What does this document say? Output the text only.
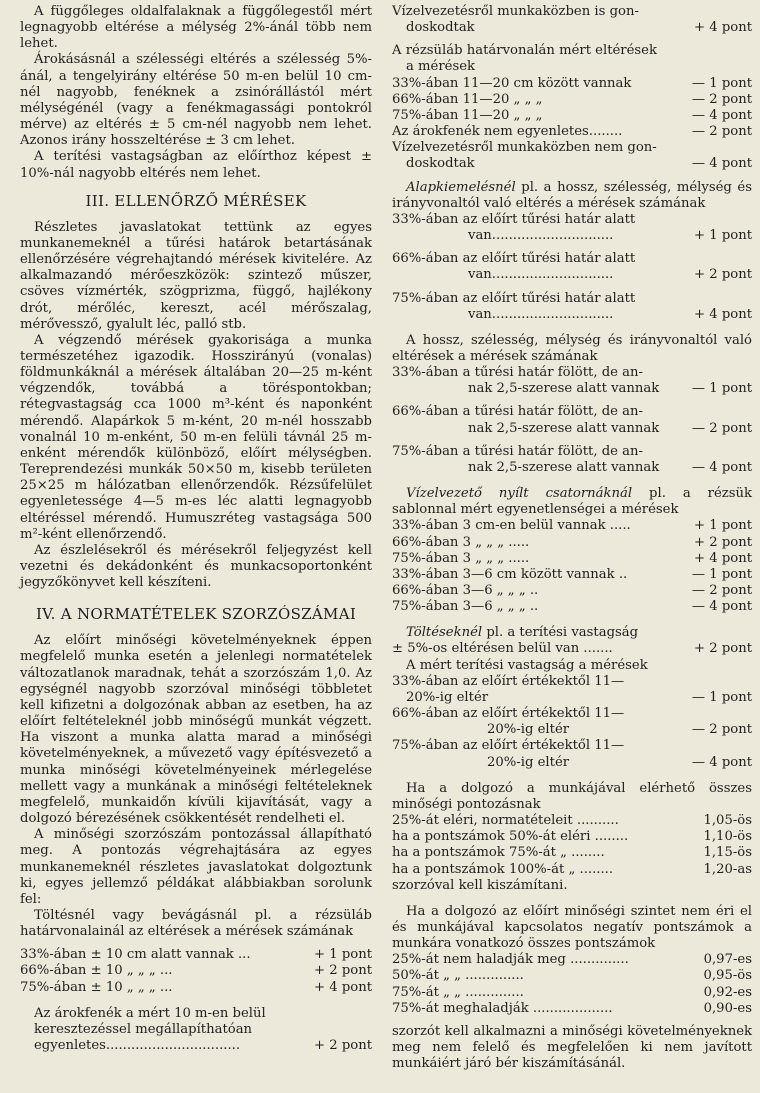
A függőleges oldalfalaknak a függőlegestől mért legnagyobb eltérése a mélység 2%-ánál több nem lehet.

Árokásásnál a szélességi eltérés a szélesség 5%-ánál, a tengelyirány eltérése 50 m-en belül 10 cm-nél nagyobb, fenéknek a zsinórállástól mért mélységénél (vagy a fenékmagassági pontokról mérve) az eltérés ± 5 cm-nél nagyobb nem lehet. Azonos irány hosszeltérése ± 3 cm lehet.

A terítési vastagságban az előírthoz képest ± 10%-nál nagyobb eltérés nem lehet.

III. ELLENŐRZŐ MÉRÉSEK

Részletes javaslatokat tettünk az egyes munkanemeknél a tűrési határok betartásának ellenőrzésére végrehajtandó mérések kivitelére. Az alkalmazandó mérőeszközök: szintező műszer, csöves vízmérték, szögprizma, függő, hajlékony drót, mérőléc, kereszt, acél mérőszalag, mérővessző, gyalult léc, palló stb.

A végzendő mérések gyakorisága a munka természetéhez igazodik. Hosszirányú (vonalas) földmunkáknál a mérések általában 20—25 m-ként végzendők, továbbá a töréspontokban; rétegvastagság cca 1000 m³-ként és naponként mérendő. Alapárkok 5 m-ként, 20 m-nél hosszabb vonalnál 10 m-enként, 50 m-en felüli távnál 25 m-enként mérendők különböző, előírt mélységben. Tereprendezési munkák 50×50 m, kisebb területen 25×25 m hálózatban ellenőrzendők. Rézsűfelület egyenletessége 4—5 m-es léc alatti legnagyobb eltéréssel mérendő. Humuszréteg vastagsága 500 m²-ként ellenőrzendő.

Az észlelésekről és mérésekről feljegyzést kell vezetni és dekádonként és munkacsoportonként jegyzőkönyvet kell készíteni.

IV. A NORMATÉTELEK SZORZÓSZÁMAI

Az előírt minőségi követelményeknek éppen megfelelő munka esetén a jelenlegi normatételek változatlanok maradnak, tehát a szorzószám 1,0. Az egységnél nagyobb szorzóval minőségi többletet kell kifizetni a dolgozónak abban az esetben, ha az előírt feltételeknél jobb minőségű munkát végzett. Ha viszont a munka alatta marad a minőségi követelményeknek, a művezető vagy építésvezető a munka minőségi követelményeinek mérlegelése mellett vagy a munkának a minőségi feltételeknek megfelelő, munkaidőn kívüli kijavítását, vagy a dolgozó bérezésének csökkentését rendelheti el.

A minőségi szorzószám pontozással állapítható meg. A pontozás végrehajtására az egyes munkanemeknél részletes javaslatokat dolgoztunk ki, egyes jellemző példákat alábbiakban sorolunk fel:

Töltésnél vagy bevágásnál pl. a rézsüláb határvonalainál az eltérések a mérések számának

33%-ában ± 10 cm alatt vannak ...	+ 1 pont
66%-ában ± 10 „ „ „ ...	+ 2 pont
75%-ában ± 10 „ „ „ ...	+ 4 pont
Az árokfenék a mért 10 m-en belül
keresztezéssel megállapíthatóan
egyenletes................................	+ 2 pont
Vízelvezetésről munkaközben is gon-
doskodtak	+ 4 pont
A rézsüláb határvonalán mért eltérések
a mérések
33%-ában 11—20 cm között vannak	— 1 pont
66%-ában 11—20 „ „ „	— 2 pont
75%-ában 11—20 „ „ „	— 4 pont
Az árokfenék nem egyenletes........	— 2 pont
Vízelvezetésről munkaközben nem gon-
doskodtak	— 4 pont

Alapkiemelésnél pl. a hossz, szélesség, mélység és irányvonaltól való eltérés a mérések számának

33%-ában az előírt tűrési határ alatt
van.............................	+ 1 pont
66%-ában az előírt tűrési határ alatt
van.............................	+ 2 pont
75%-ában az előírt tűrési határ alatt
van.............................	+ 4 pont

A hossz, szélesség, mélység és irányvonaltól való eltérések a mérések számának

33%-ában a tűrési határ fölött, de an-
nak 2,5-szerese alatt vannak	— 1 pont
66%-ában a tűrési határ fölött, de an-
nak 2,5-szerese alatt vannak	— 2 pont
75%-ában a tűrési határ fölött, de an-
nak 2,5-szerese alatt vannak	— 4 pont

Vízelvezető nyílt csatornáknál pl. a rézsük sablonnal mért egyenetlenségei a mérések

33%-ában 3 cm-en belül vannak .....	+ 1 pont
66%-ában 3 „ „ „ .....	+ 2 pont
75%-ában 3 „ „ „ .....	+ 4 pont
33%-ában 3—6 cm között vannak ..	— 1 pont
66%-ában 3—6 „ „ „ ..	— 2 pont
75%-ában 3—6 „ „ „ ..	— 4 pont
Töltéseknél pl. a terítési vastagság
± 5%-os eltérésen belül van .......	+ 2 pont
A mért terítési vastagság a mérések
33%-ában az előírt értékektől 11—
20%-ig eltér	— 1 pont
66%-ában az előírt értékektől 11—
20%-ig eltér	— 2 pont
75%-ában az előírt értékektől 11—
20%-ig eltér	— 4 pont

Ha a dolgozó a munkájával elérhető összes minőségi pontozásnak

25%-át eléri, normatételeit ..........	1,05-ös
ha a pontszámok 50%-át eléri ........	1,10-ös
ha a pontszámok 75%-át „ ........	1,15-ös
ha a pontszámok 100%-át „ ........	1,20-as
szorzóval kell kiszámítani.

Ha a dolgozó az előírt minőségi szintet nem éri el és munkájával kapcsolatos negatív pontszámok a munkára vonatkozó összes pontszámok

25%-át nem haladják meg ..............	0,97-es
50%-át „ „ ..............	0,95-ös
75%-át „ „ ..............	0,92-es
75%-át meghaladják ...................	0,90-es

szorzót kell alkalmazni a minőségi követelményeknek meg nem felelő és megfelelően ki nem javított munkáiért járó bér kiszámításánál.
